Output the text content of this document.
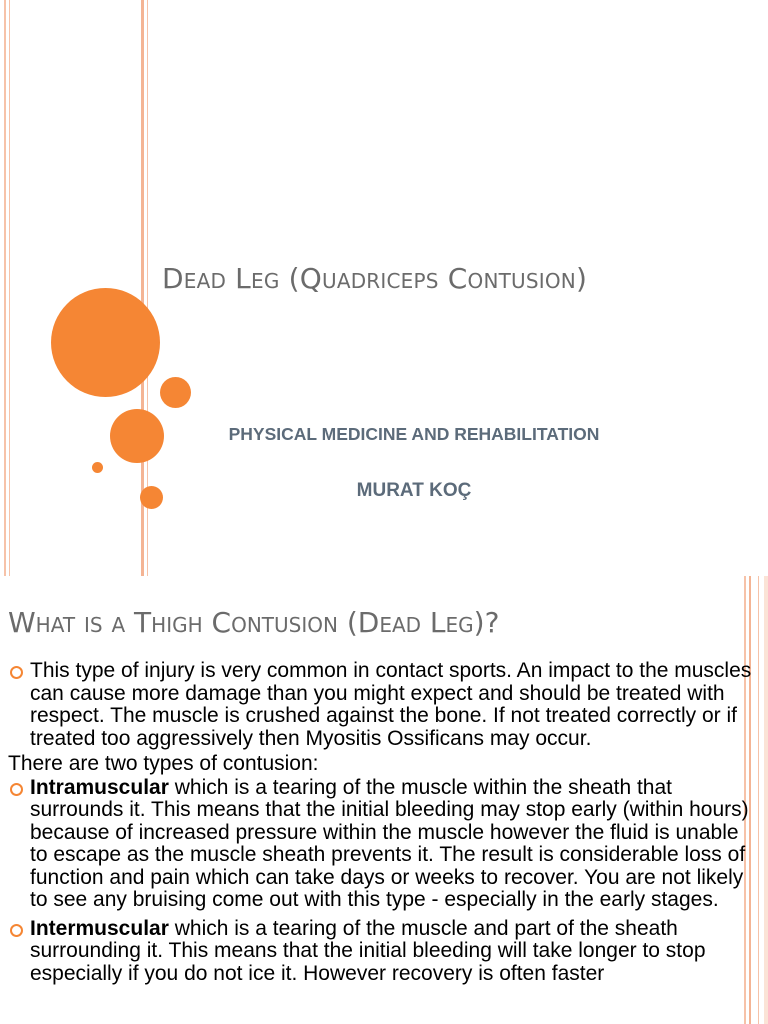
Dead Leg (Quadriceps Contusion)
PHYSICAL MEDICINE AND REHABILITATION
MURAT KOÇ
What is a Thigh Contusion (Dead Leg)?

This type of injury is very common in contact sports. An impact to the muscles can cause more damage than you might expect and should be treated with respect. The muscle is crushed against the bone. If not treated correctly or if treated too aggressively then Myositis Ossificans may occur.

There are two types of contusion:

Intramuscular which is a tearing of the muscle within the sheath that surrounds it. This means that the initial bleeding may stop early (within hours) because of increased pressure within the muscle however the fluid is unable to escape as the muscle sheath prevents it. The result is considerable loss of function and pain which can take days or weeks to recover. You are not likely to see any bruising come out with this type - especially in the early stages.

Intermuscular which is a tearing of the muscle and part of the sheath surrounding it. This means that the initial bleeding will take longer to stop especially if you do not ice it. However recovery is often faster
